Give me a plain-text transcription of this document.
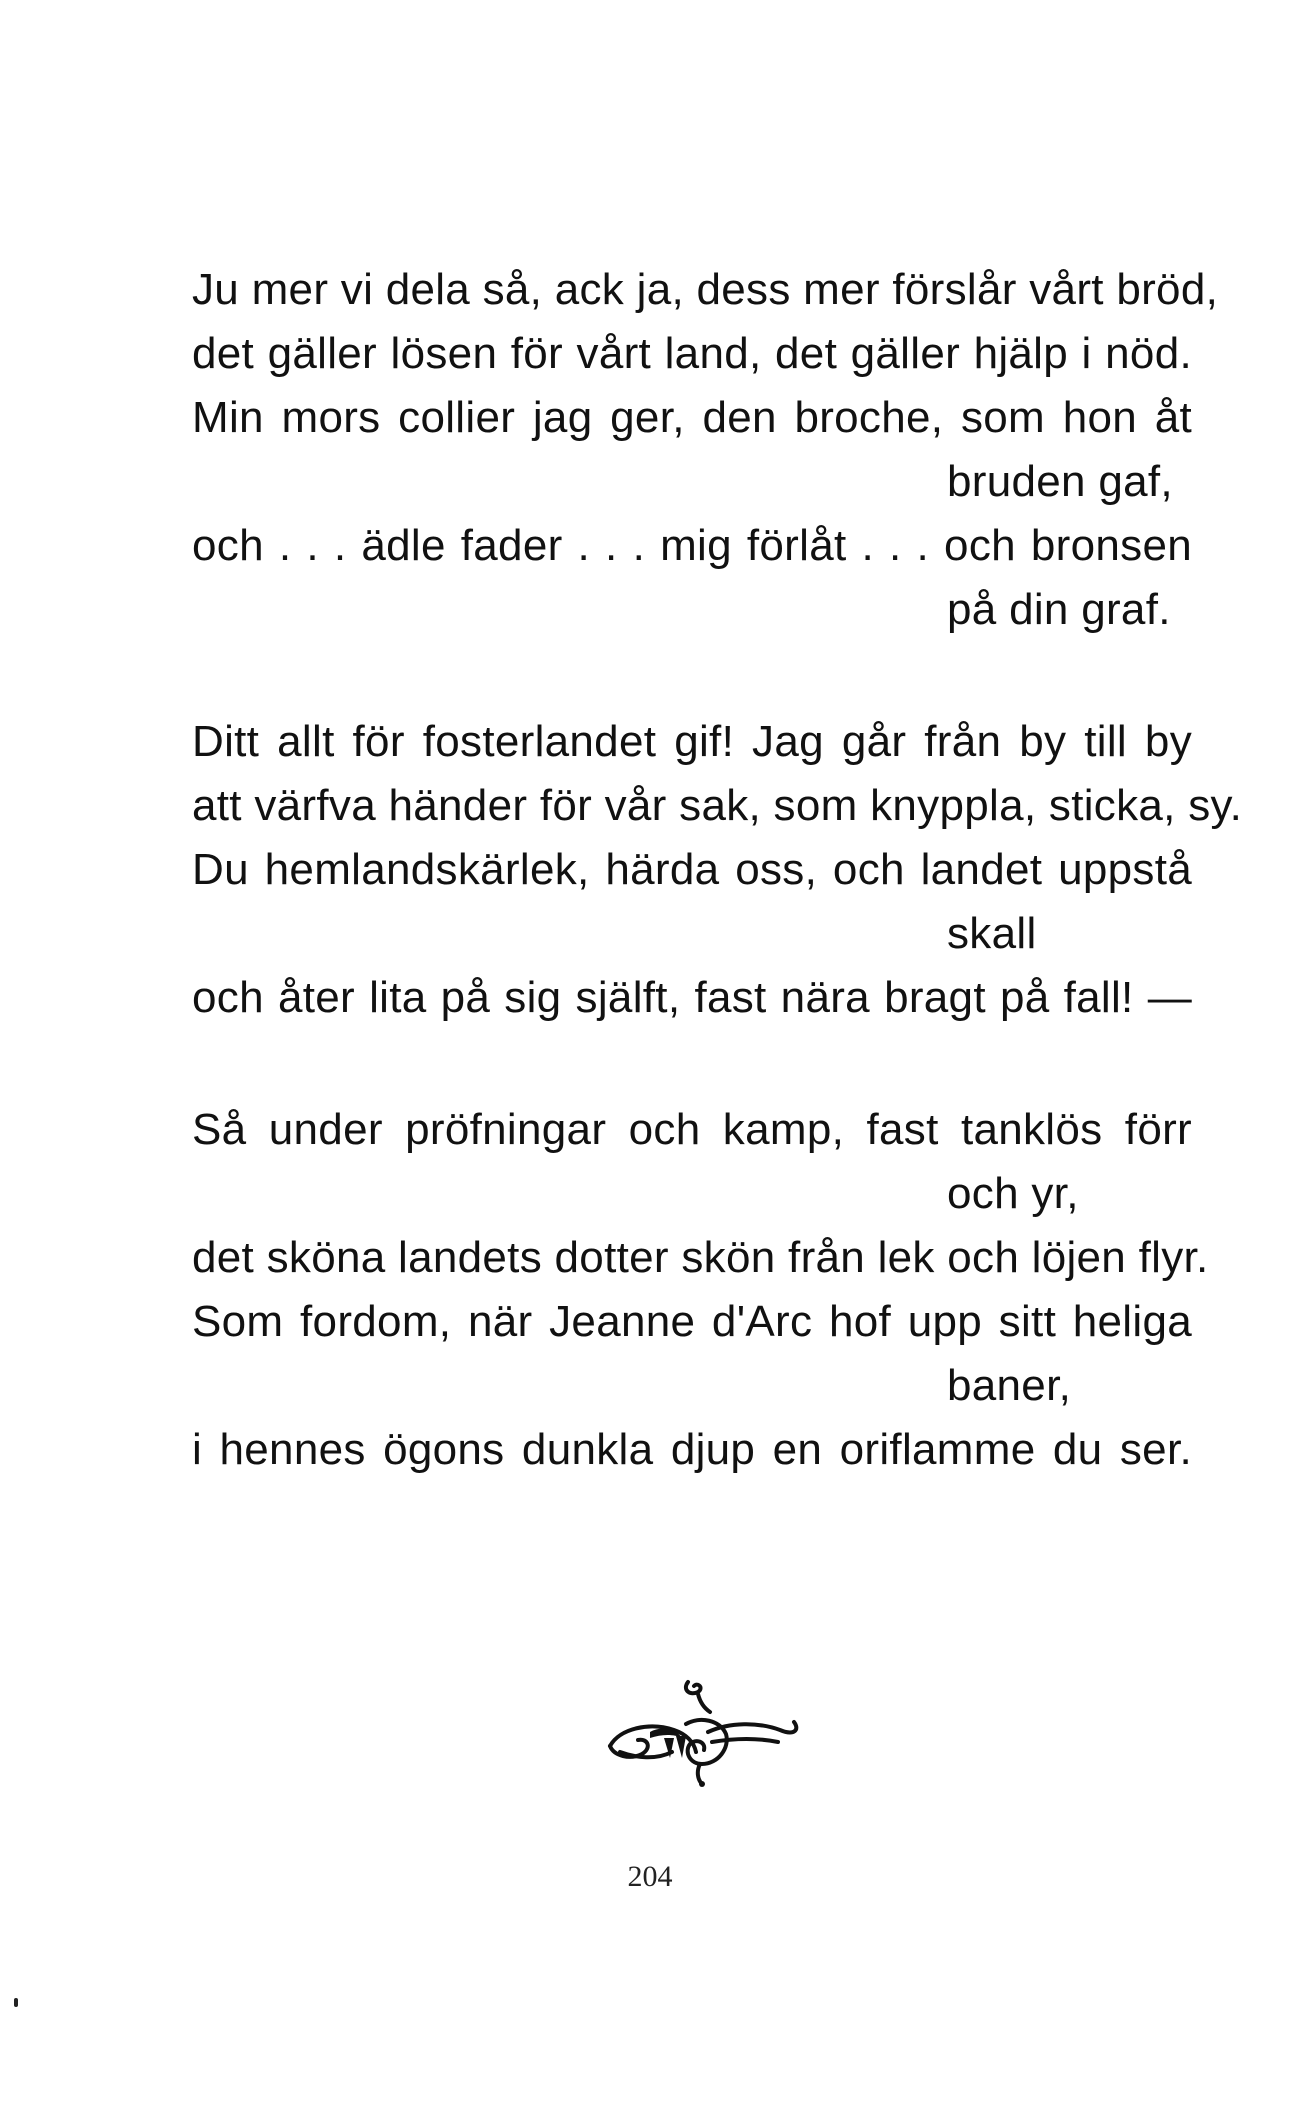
Ju mer vi dela så, ack ja, dess mer förslår vårt bröd,
det gäller lösen för vårt land, det gäller hjälp i nöd.
Min mors collier jag ger, den broche, som hon åt
bruden gaf,
och . . . ädle fader . . . mig förlåt . . . och bronsen
på din graf.
Ditt allt för fosterlandet gif! Jag går från by till by
att värfva händer för vår sak, som knyppla, sticka, sy.
Du hemlandskärlek, härda oss, och landet uppstå
skall
och åter lita på sig själft, fast nära bragt på fall! —
Så under pröfningar och kamp, fast tanklös förr
och yr,
det sköna landets dotter skön från lek och löjen flyr.
Som fordom, när Jeanne d'Arc hof upp sitt heliga
baner,
i hennes ögons dunkla djup en oriflamme du ser.
204
